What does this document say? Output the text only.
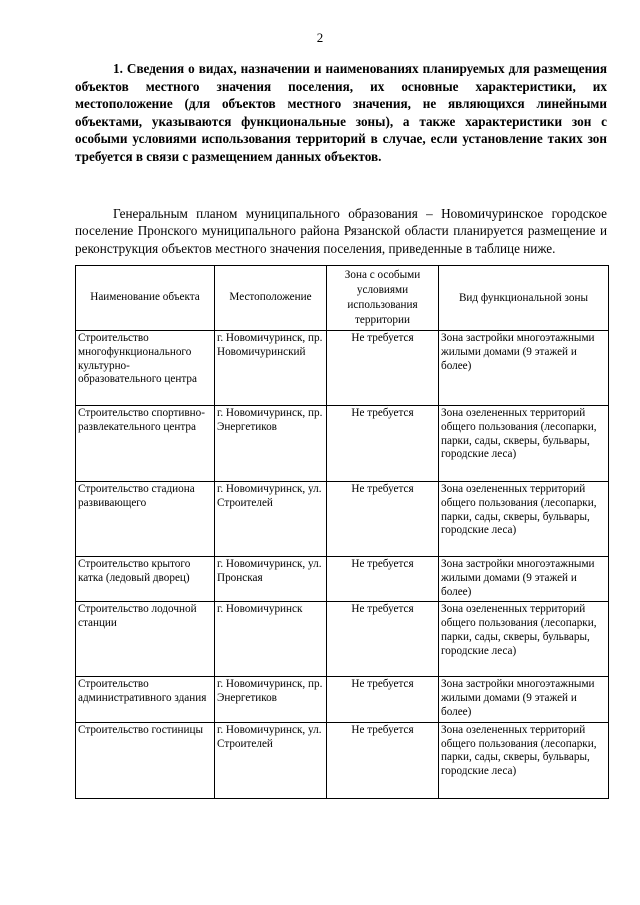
2

1. Сведения о видах, назначении и наименованиях планируемых для размещения объектов местного значения поселения, их основные характеристики, их местоположение (для объектов местного значения, не являющихся линейными объектами, указываются функциональные зоны), а также характеристики зон с особыми условиями использования территорий в случае, если установление таких зон требуется в связи с размещением данных объектов.

Генеральным планом муниципального образования – Новомичуринское городское поселение Пронского муниципального района Рязанской области планируется размещение и реконструкция объектов местного значения поселения, приведенные в таблице ниже.

Наименование объекта	Местоположение	Зона с особыми условиями использования территории	Вид функциональной зоны
Строительство многофункционального культурно-образовательного центра	г. Новомичуринск, пр. Новомичуринский	Не требуется	Зона застройки многоэтажными жилыми домами (9 этажей и более)
Строительство спортивно-развлекательного центра	г. Новомичуринск, пр. Энергетиков	Не требуется	Зона озелененных территорий общего пользования (лесопарки, парки, сады, скверы, бульвары, городские леса)
Строительство стадиона развивающего	г. Новомичуринск, ул. Строителей	Не требуется	Зона озелененных территорий общего пользования (лесопарки, парки, сады, скверы, бульвары, городские леса)
Строительство крытого катка (ледовый дворец)	г. Новомичуринск, ул. Пронская	Не требуется	Зона застройки многоэтажными жилыми домами (9 этажей и более)
Строительство лодочной станции	г. Новомичуринск	Не требуется	Зона озелененных территорий общего пользования (лесопарки, парки, сады, скверы, бульвары, городские леса)
Строительство административного здания	г. Новомичуринск, пр. Энергетиков	Не требуется	Зона застройки многоэтажными жилыми домами (9 этажей и более)
Строительство гостиницы	г. Новомичуринск, ул. Строителей	Не требуется	Зона озелененных территорий общего пользования (лесопарки, парки, сады, скверы, бульвары, городские леса)
